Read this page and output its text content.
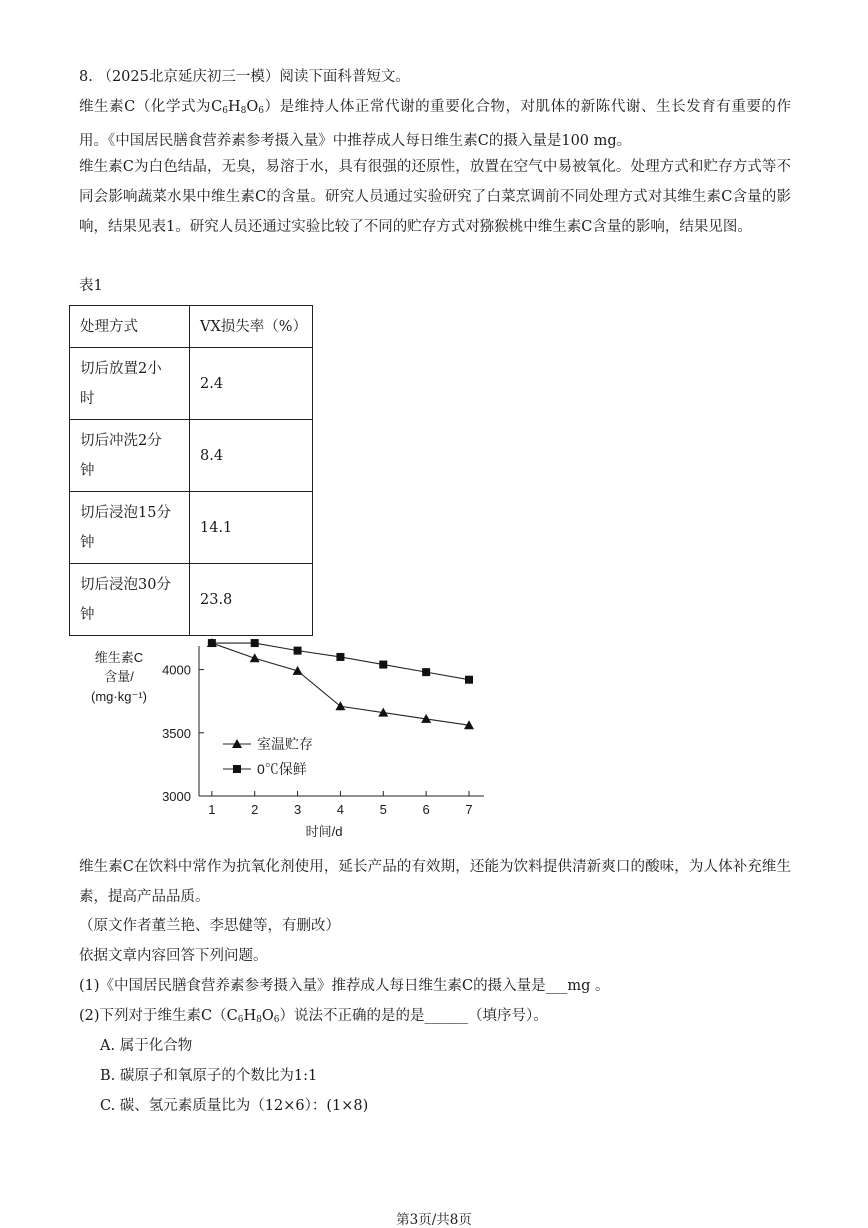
8. （2025北京延庆初三一模）阅读下面科普短文。
维生素C（化学式为$C_6H_8O_6$）是维持人体正常代谢的重要化合物，对肌体的新陈代谢、生长发育有重要的作用。《中国居民膳食营养素参考摄入量》中推荐成人每日维生素C的摄入量是100 mg。
维生素C为白色结晶，无臭，易溶于水，具有很强的还原性，放置在空气中易被氧化。处理方式和贮存方式等不同会影响蔬菜水果中维生素C的含量。研究人员通过实验研究了白菜烹调前不同处理方式对其维生素C含量的影响，结果见表1。研究人员还通过实验比较了不同的贮存方式对猕猴桃中维生素C含量的影响，结果见图。
表1
处理方式	VX损失率（%）
切后放置2小
时	2.4
切后冲洗2分
钟	8.4
切后浸泡15分
钟	14.1
切后浸泡30分
钟	23.8
维生素C
含量/
(mg·kg⁻¹)
3000
3500
4000
1	2	3	4	5	6	7
室温贮存
0℃保鲜
时间/d
维生素C在饮料中常作为抗氧化剂使用，延长产品的有效期，还能为饮料提供清新爽口的酸味，为人体补充维生素，提高产品品质。
（原文作者董兰艳、李思健等，有删改）
依据文章内容回答下列问题。
(1)《中国居民膳食营养素参考摄入量》推荐成人每日维生素C的摄入量是___mg 。
(2)下列对于维生素$C(C_6H_8O_6)$说法不正确的是的是______（填序号）。
A. 属于化合物
B. 碳原子和氧原子的个数比为1:1
C. 碳、氢元素质量比为（12×6）：(1×8)
第3页/共8页
